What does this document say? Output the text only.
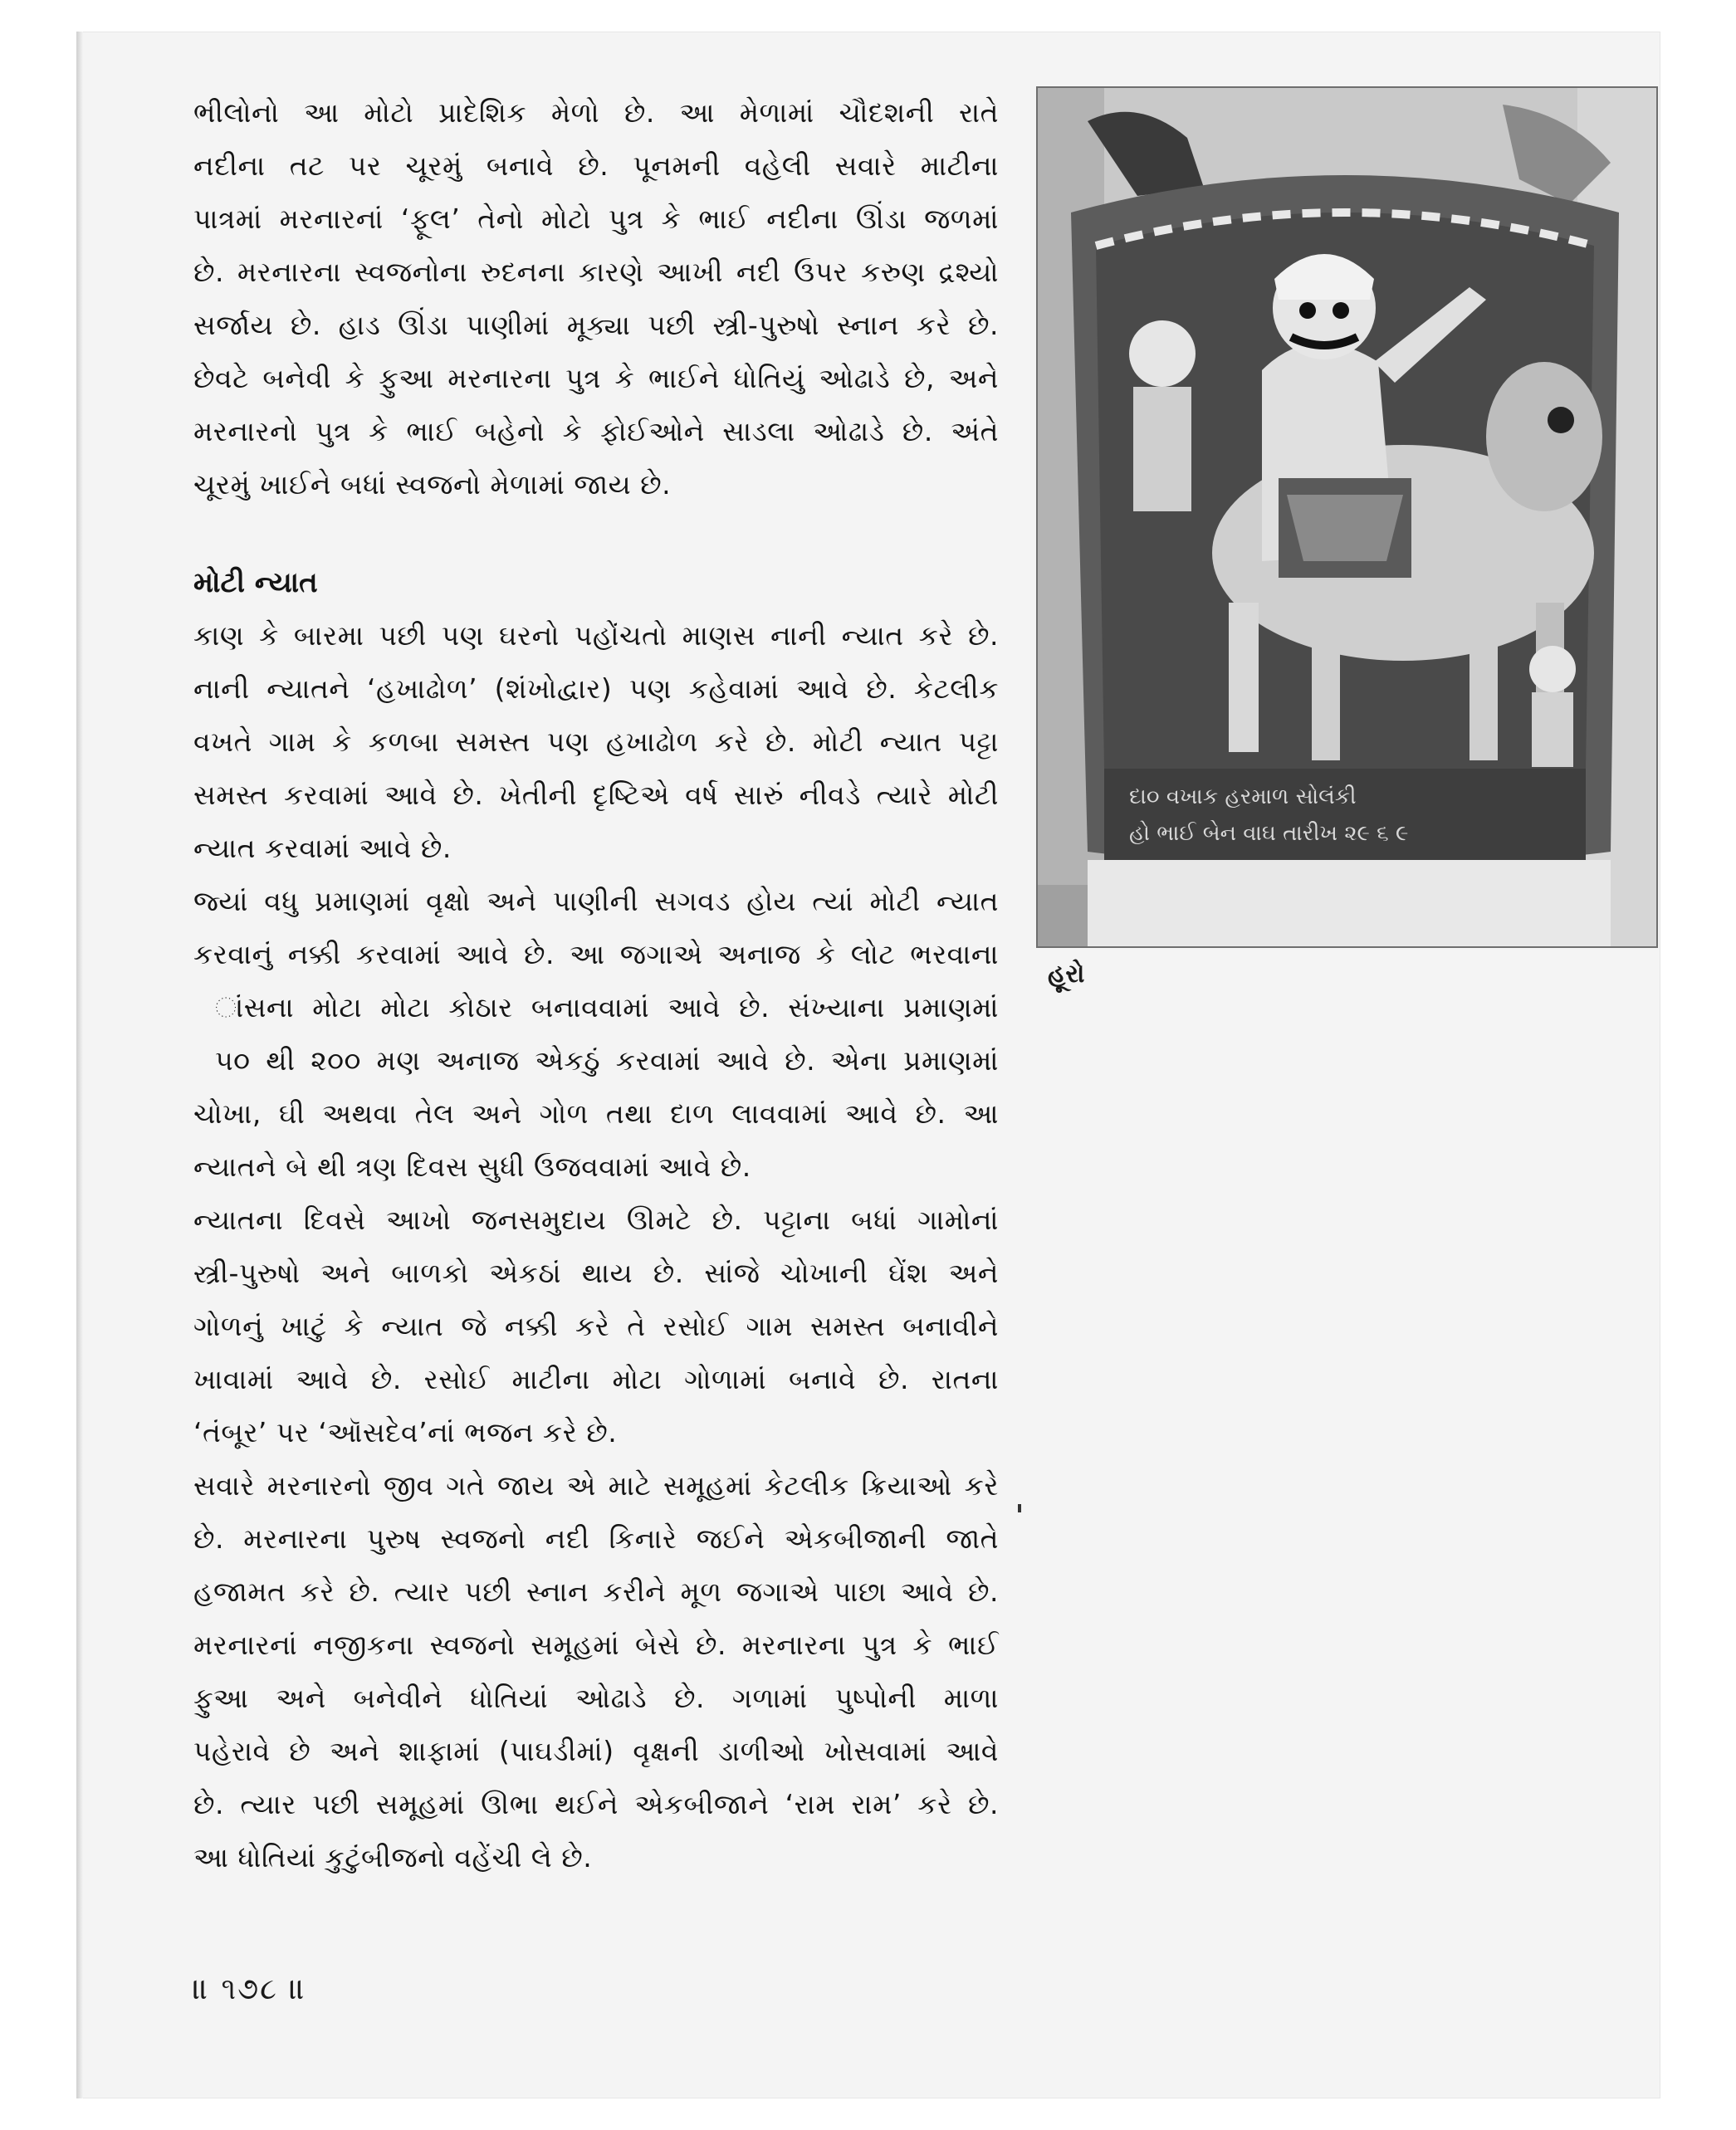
ભીલોનો આ મોટો પ્રાદેશિક મેળો છે. આ મેળામાં ચૌદશની રાતે
નદીના તટ પર ચૂરમું બનાવે છે. પૂનમની વહેલી સવારે માટીના
પાત્રમાં મરનારનાં ‘ફૂલ’ તેનો મોટો પુત્ર કે ભાઈ નદીના ઊંડા જળમાં
છે. મરનારના સ્વજનોના રુદનના કારણે આખી નદી ઉપર કરુણ દ્રશ્યો
સર્જાય છે. હાડ ઊંડા પાણીમાં મૂક્યા પછી સ્ત્રી-પુરુષો સ્નાન કરે છે.
છેવટે બનેવી કે ફુઆ મરનારના પુત્ર કે ભાઈને ધોતિયું ઓઢાડે છે, અને
મરનારનો પુત્ર કે ભાઈ બહેનો કે ફોઈઓને સાડલા ઓઢાડે છે. અંતે
ચૂરમું ખાઈને બધાં સ્વજનો મેળામાં જાય છે.
મોટી ન્યાત
કાણ કે બારમા પછી પણ ઘરનો પહોંચતો માણસ નાની ન્યાત કરે છે.
નાની ન્યાતને ‘હખાઢોળ’ (શંખોદ્વાર) પણ કહેવામાં આવે છે. કેટલીક
વખતે ગામ કે કળબા સમસ્ત પણ હખાઢોળ કરે છે. મોટી ન્યાત પટ્ટા
સમસ્ત કરવામાં આવે છે. ખેતીની દૃષ્ટિએ વર્ષ સારું નીવડે ત્યારે મોટી
ન્યાત કરવામાં આવે છે.
જ્યાં વધુ પ્રમાણમાં વૃક્ષો અને પાણીની સગવડ હોય ત્યાં મોટી ન્યાત
કરવાનું નક્કી કરવામાં આવે છે. આ જગાએ અનાજ કે લોટ ભરવાના
ાંસના મોટા મોટા કોઠાર બનાવવામાં આવે છે. સંખ્યાના પ્રમાણમાં
૫૦ થી ૨૦૦ મણ અનાજ એકઠું કરવામાં આવે છે. એના પ્રમાણમાં
ચોખા, ઘી અથવા તેલ અને ગોળ તથા દાળ લાવવામાં આવે છે. આ
ન્યાતને બે થી ત્રણ દિવસ સુધી ઉજવવામાં આવે છે.
ન્યાતના દિવસે આખો જનસમુદાય ઊમટે છે. પટ્ટાના બધાં ગામોનાં
સ્ત્રી-પુરુષો અને બાળકો એકઠાં થાય છે. સાંજે ચોખાની ઘેંશ અને
ગોળનું ખાટું કે ન્યાત જે નક્કી કરે તે રસોઈ ગામ સમસ્ત બનાવીને
ખાવામાં આવે છે. રસોઈ માટીના મોટા ગોળામાં બનાવે છે. રાતના
‘તંબૂર’ પર ‘ઑસદેવ’નાં ભજન કરે છે.
સવારે મરનારનો જીવ ગતે જાય એ માટે સમૂહમાં કેટલીક ક્રિયાઓ કરે
છે. મરનારના પુરુષ સ્વજનો નદી કિનારે જઈને એકબીજાની જાતે
હજામત કરે છે. ત્યાર પછી સ્નાન કરીને મૂળ જગાએ પાછા આવે છે.
મરનારનાં નજીકના સ્વજનો સમૂહમાં બેસે છે. મરનારના પુત્ર કે ભાઈ
ફુઆ અને બનેવીને ધોતિયાં ઓઢાડે છે. ગળામાં પુષ્પોની માળા
પહેરાવે છે અને શાફામાં (પાઘડીમાં) વૃક્ષની ડાળીઓ ખોસવામાં આવે
છે. ત્યાર પછી સમૂહમાં ઊભા થઈને એકબીજાને ‘રામ રામ’ કરે છે.
આ ધોતિયાં કુટુંબીજનો વહેંચી લે છે.
દા૦ વખાક હરમાળ સોલંકી
હો ભાઈ બેન વાઘ તારીખ ૨૯ ૬ ૯
હૂરો
॥ ૧૭૮ ॥
